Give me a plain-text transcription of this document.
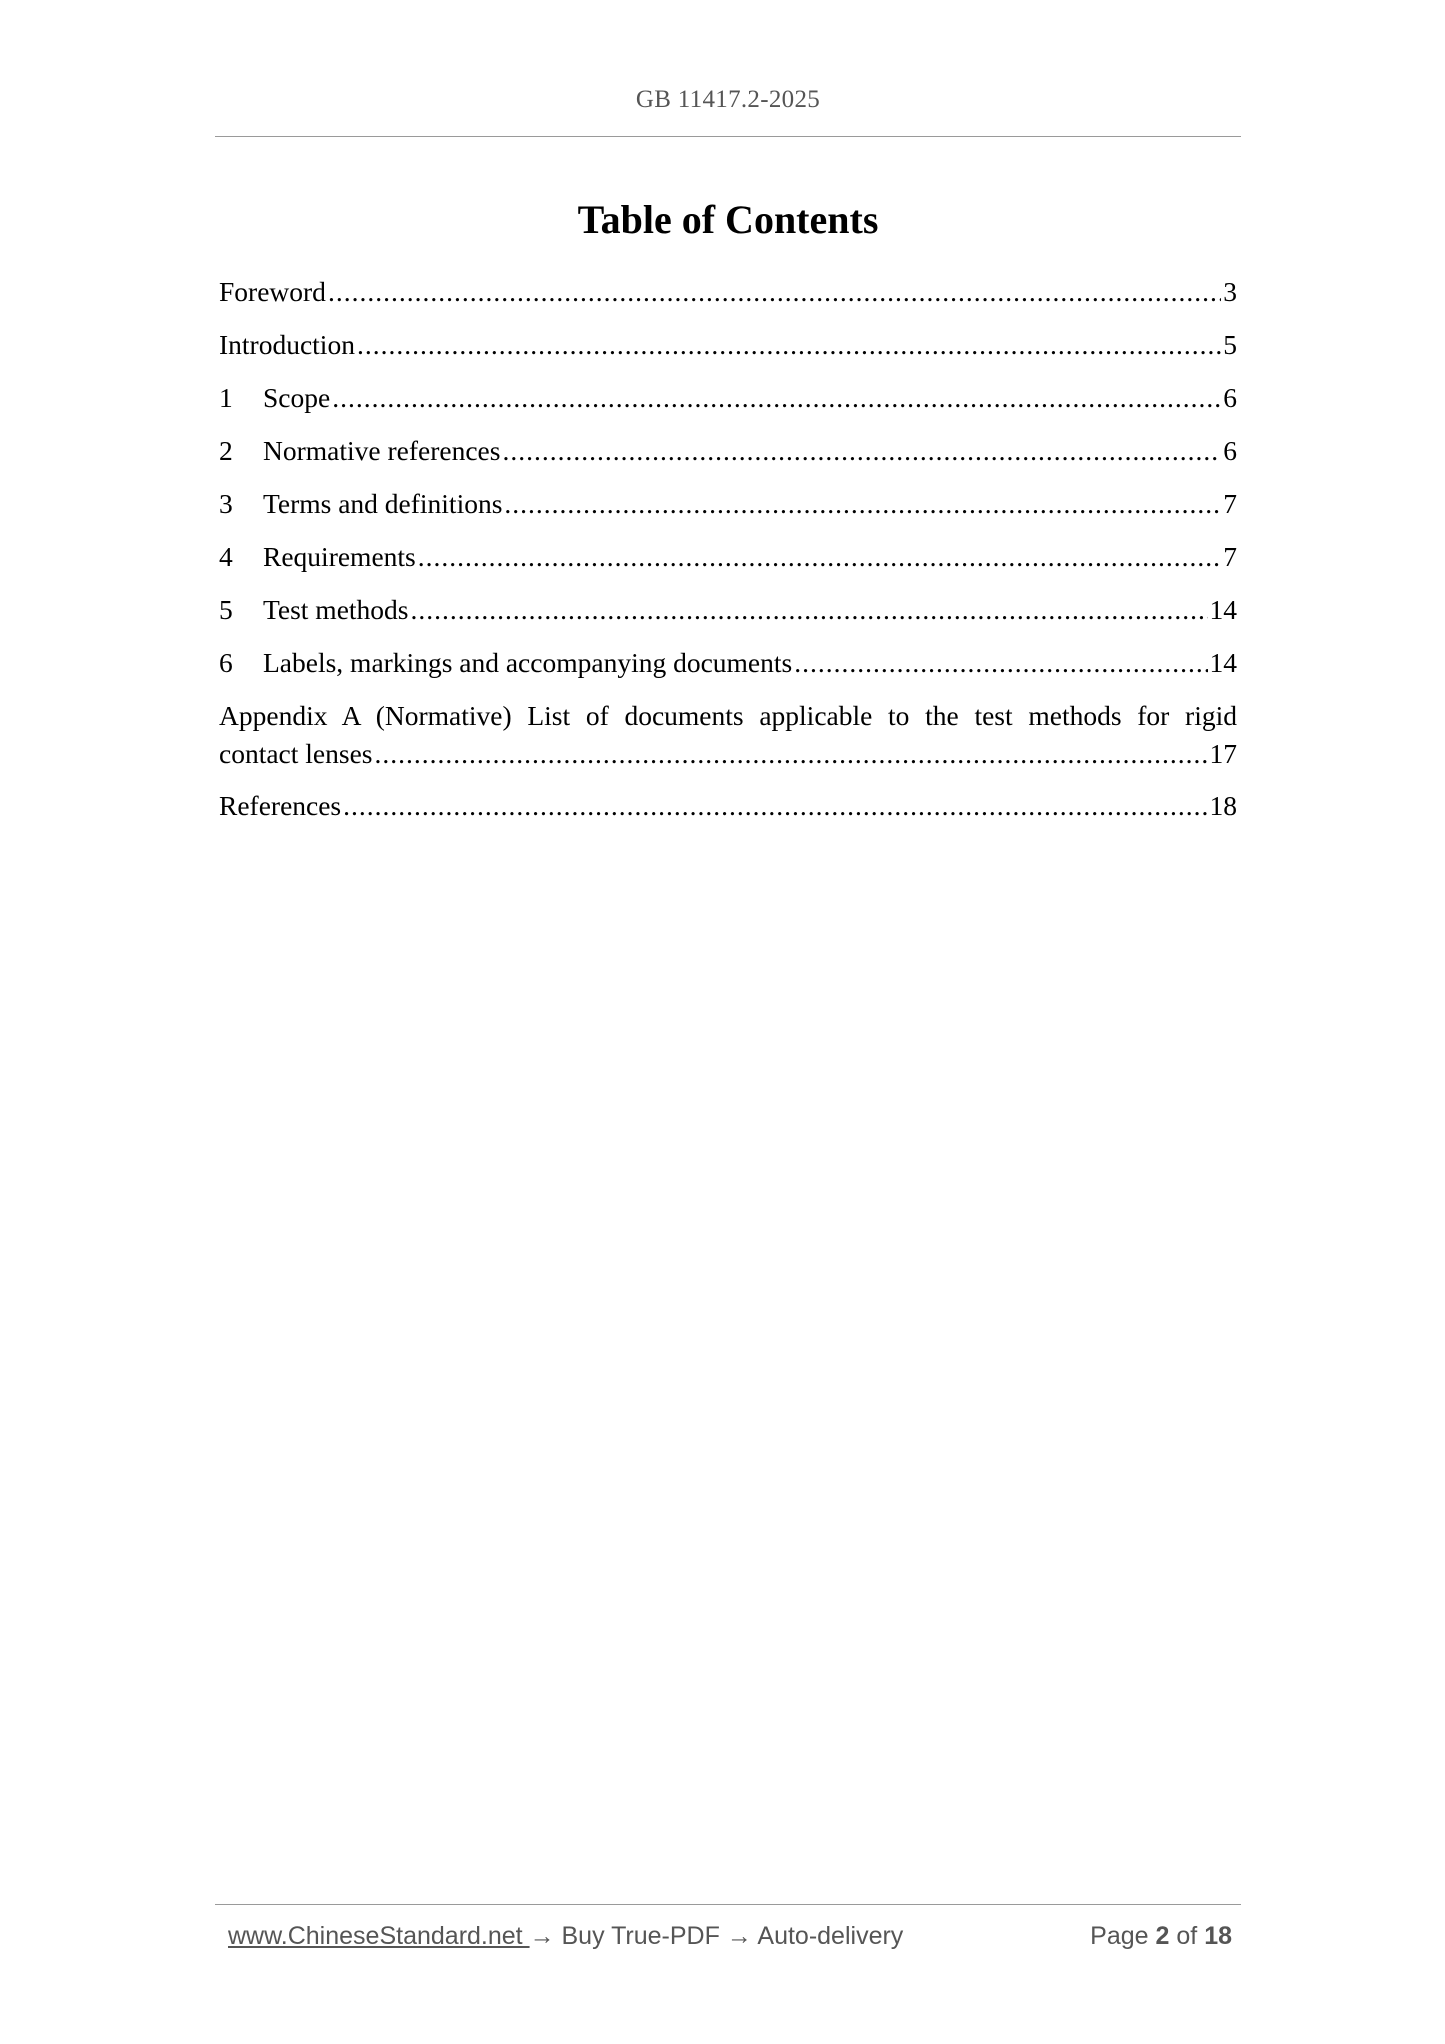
GB 11417.2-2025
Table of Contents
Foreword .....	3
Introduction .....	5
1	Scope .....	6
2	Normative references .....	6
3	Terms and definitions .....	7
4	Requirements .....	7
5	Test methods .....	14
6	Labels, markings and accompanying documents .....	14
Appendix A (Normative) List of documents applicable to the test methods for rigid
contact lenses .....	17
References .....	18
www.ChineseStandard.net → Buy True-PDF → Auto-delivery	Page 2 of 18
